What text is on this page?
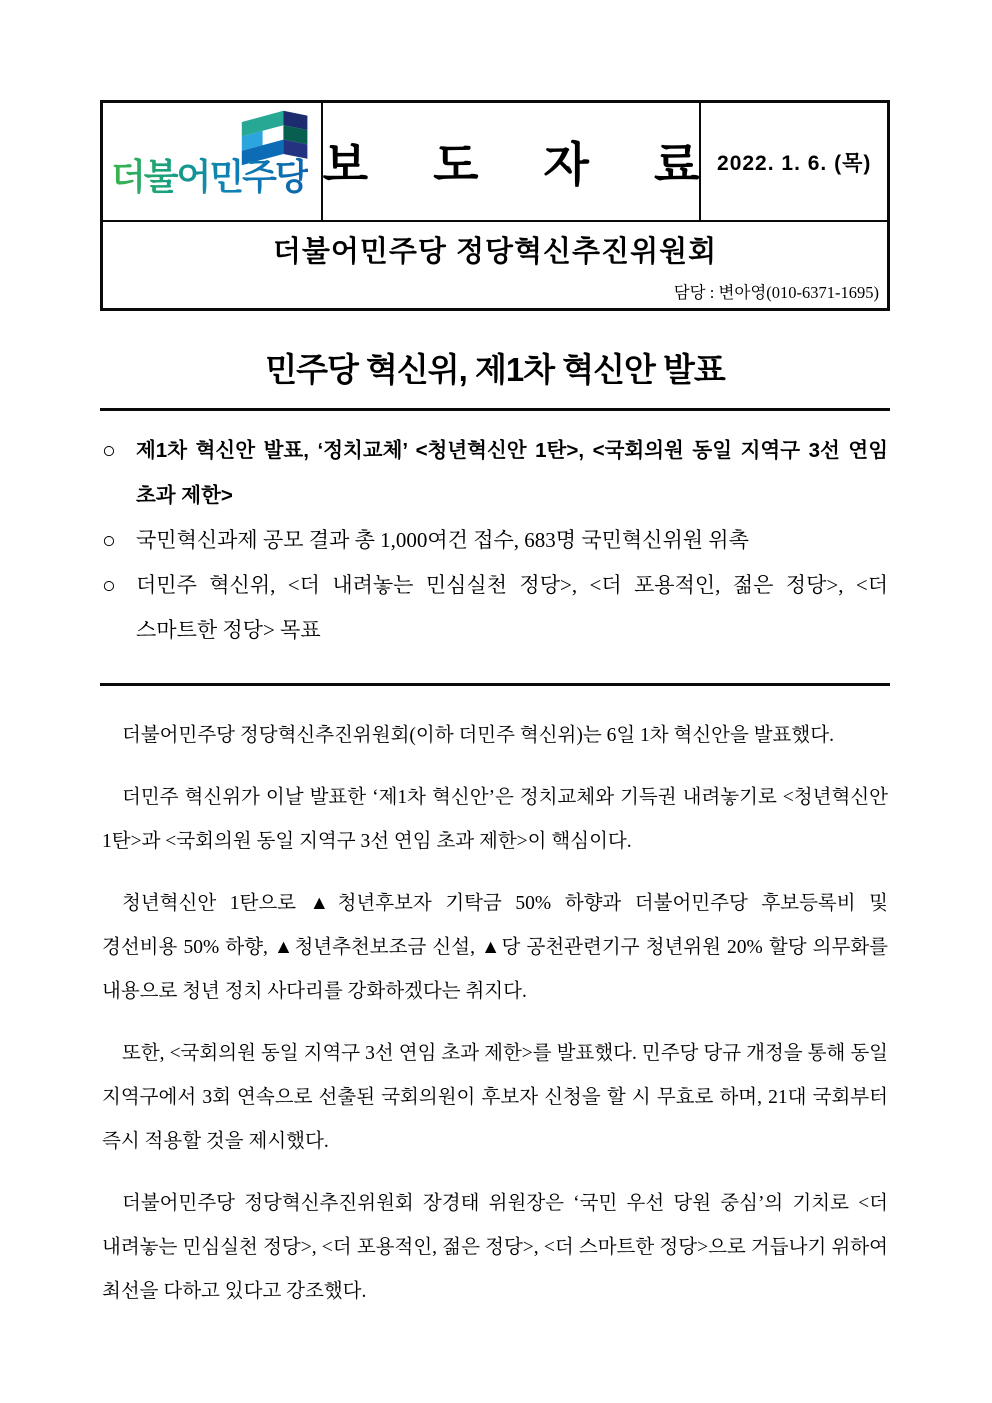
더불어민주당 보 도 자 료
2022. 1. 6. (목)
더불어민주당 정당혁신추진위원회
담당 : 변아영(010-6371-1695)
민주당 혁신위, 제1차 혁신안 발표
○ 제1차 혁신안 발표, ‘정치교체’ <청년혁신안 1탄>, <국회의원 동일 지역구 3선 연임 초과 제한>
○ 국민혁신과제 공모 결과 총 1,000여건 접수, 683명 국민혁신위원 위촉
○ 더민주 혁신위, <더 내려놓는 민심실천 정당>, <더 포용적인, 젊은 정당>, <더 스마트한 정당> 목표

더불어민주당 정당혁신추진위원회(이하 더민주 혁신위)는 6일 1차 혁신안을 발표했다.

더민주 혁신위가 이날 발표한 ‘제1차 혁신안’은 정치교체와 기득권 내려놓기로 <청년혁신안 1탄>과 <국회의원 동일 지역구 3선 연임 초과 제한>이 핵심이다.

청년혁신안 1탄으로 ▲청년후보자 기탁금 50% 하향과 더불어민주당 후보등록비 및 경선비용 50% 하향, ▲청년추천보조금 신설, ▲당 공천관련기구 청년위원 20% 할당 의무화를 내용으로 청년 정치 사다리를 강화하겠다는 취지다.

또한, <국회의원 동일 지역구 3선 연임 초과 제한>를 발표했다. 민주당 당규 개정을 통해 동일 지역구에서 3회 연속으로 선출된 국회의원이 후보자 신청을 할 시 무효로 하며, 21대 국회부터 즉시 적용할 것을 제시했다.

더불어민주당 정당혁신추진위원회 장경태 위원장은 ‘국민 우선 당원 중심’의 기치로 <더 내려놓는 민심실천 정당>, <더 포용적인, 젊은 정당>, <더 스마트한 정당>으로 거듭나기 위하여 최선을 다하고 있다고 강조했다.
